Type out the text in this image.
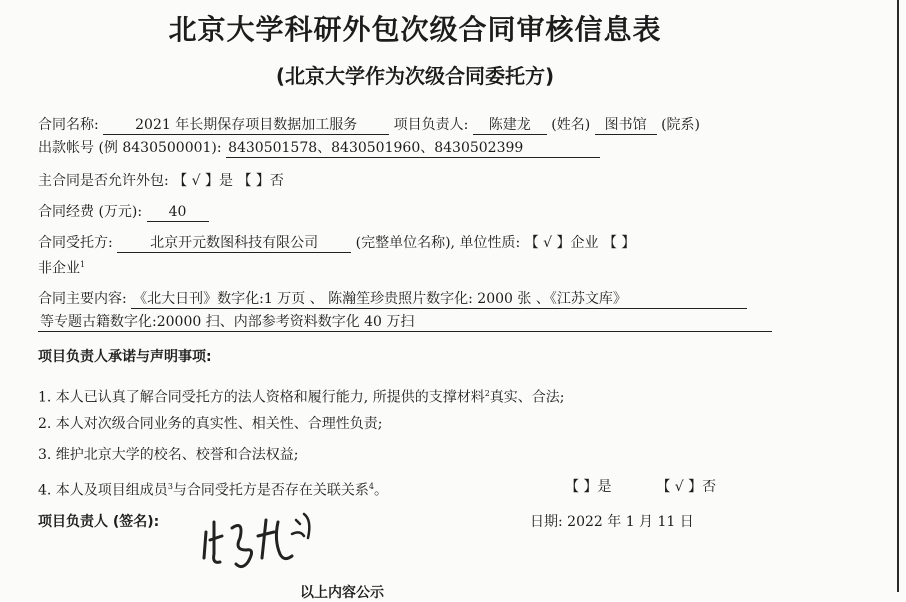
北京大学科研外包次级合同审核信息表
(北京大学作为次级合同委托方)
合同名称:	2021 年长期保存项目数据加工服务	项目负责人: 陈建龙 (姓名) 图书馆 (院系)
出款帐号 (例 8430500001): 8430501578、8430501960、8430502399
主合同是否允许外包: 【 √ 】是 【 】否
合同经费 (万元): 40
合同受托方:	北京开元数图科技有限公司	(完整单位名称), 单位性质: 【 √ 】企业 【 】
非企业$^1$
合同主要内容: 《北大日刊》数字化:1 万页 、 陈瀚笙珍贵照片数字化: 2000 张 、《江苏文库》
等专题古籍数字化:20000 扫、内部参考资料数字化 40 万扫
项目负责人承诺与声明事项:
1. 本人已认真了解合同受托方的法人资格和履行能力, 所提供的支撑材料$^2$真实、合法;
2. 本人对次级合同业务的真实性、相关性、合理性负责;
3. 维护北京大学的校名、校誉和合法权益;
4. 本人及项目组成员$^3$与合同受托方是否存在关联关系$^4$。	【 】是	【 √ 】否
项目负责人 (签名):	日期: 2022 年 1 月 11 日
以上内容公示
